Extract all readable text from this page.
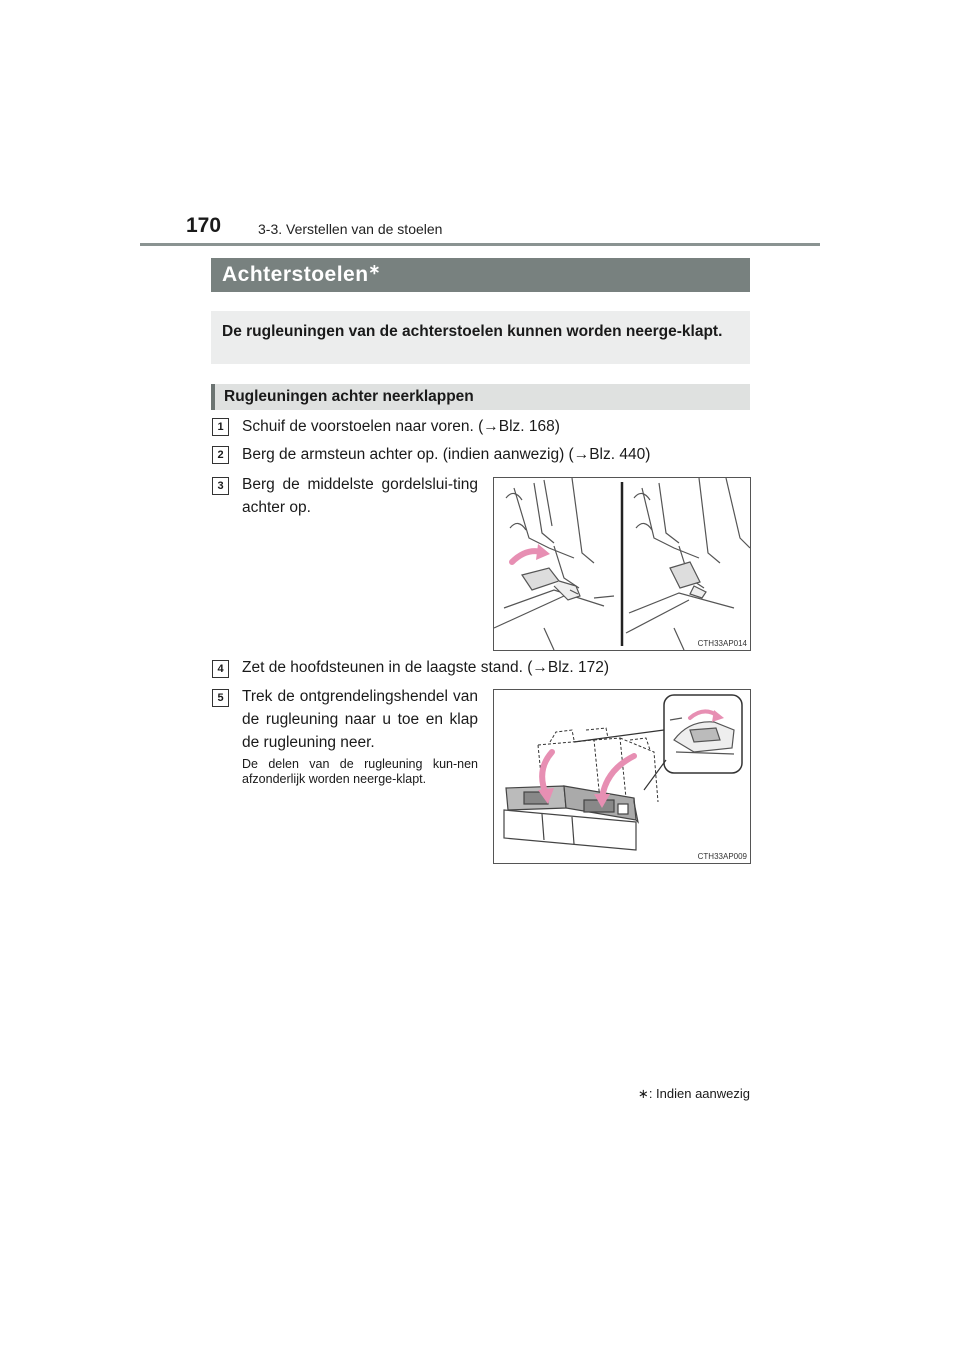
170	3-3. Verstellen van de stoelen
Achterstoelen∗
De rugleuningen van de achterstoelen kunnen worden neerge-klapt.
Rugleuningen achter neerklappen
1	Schuif de voorstoelen naar voren. (→Blz. 168)
2	Berg de armsteun achter op. (indien aanwezig) (→Blz. 440)
3	Berg de middelste gordelslui-ting achter op.
CTH33AP014
4	Zet de hoofdsteunen in de laagste stand. (→Blz. 172)
5	Trek de ontgrendelingshendel van de rugleuning naar u toe en klap de rugleuning neer.
De delen van de rugleuning kun-nen afzonderlijk worden neerge-klapt.
CTH33AP009
∗: Indien aanwezig
